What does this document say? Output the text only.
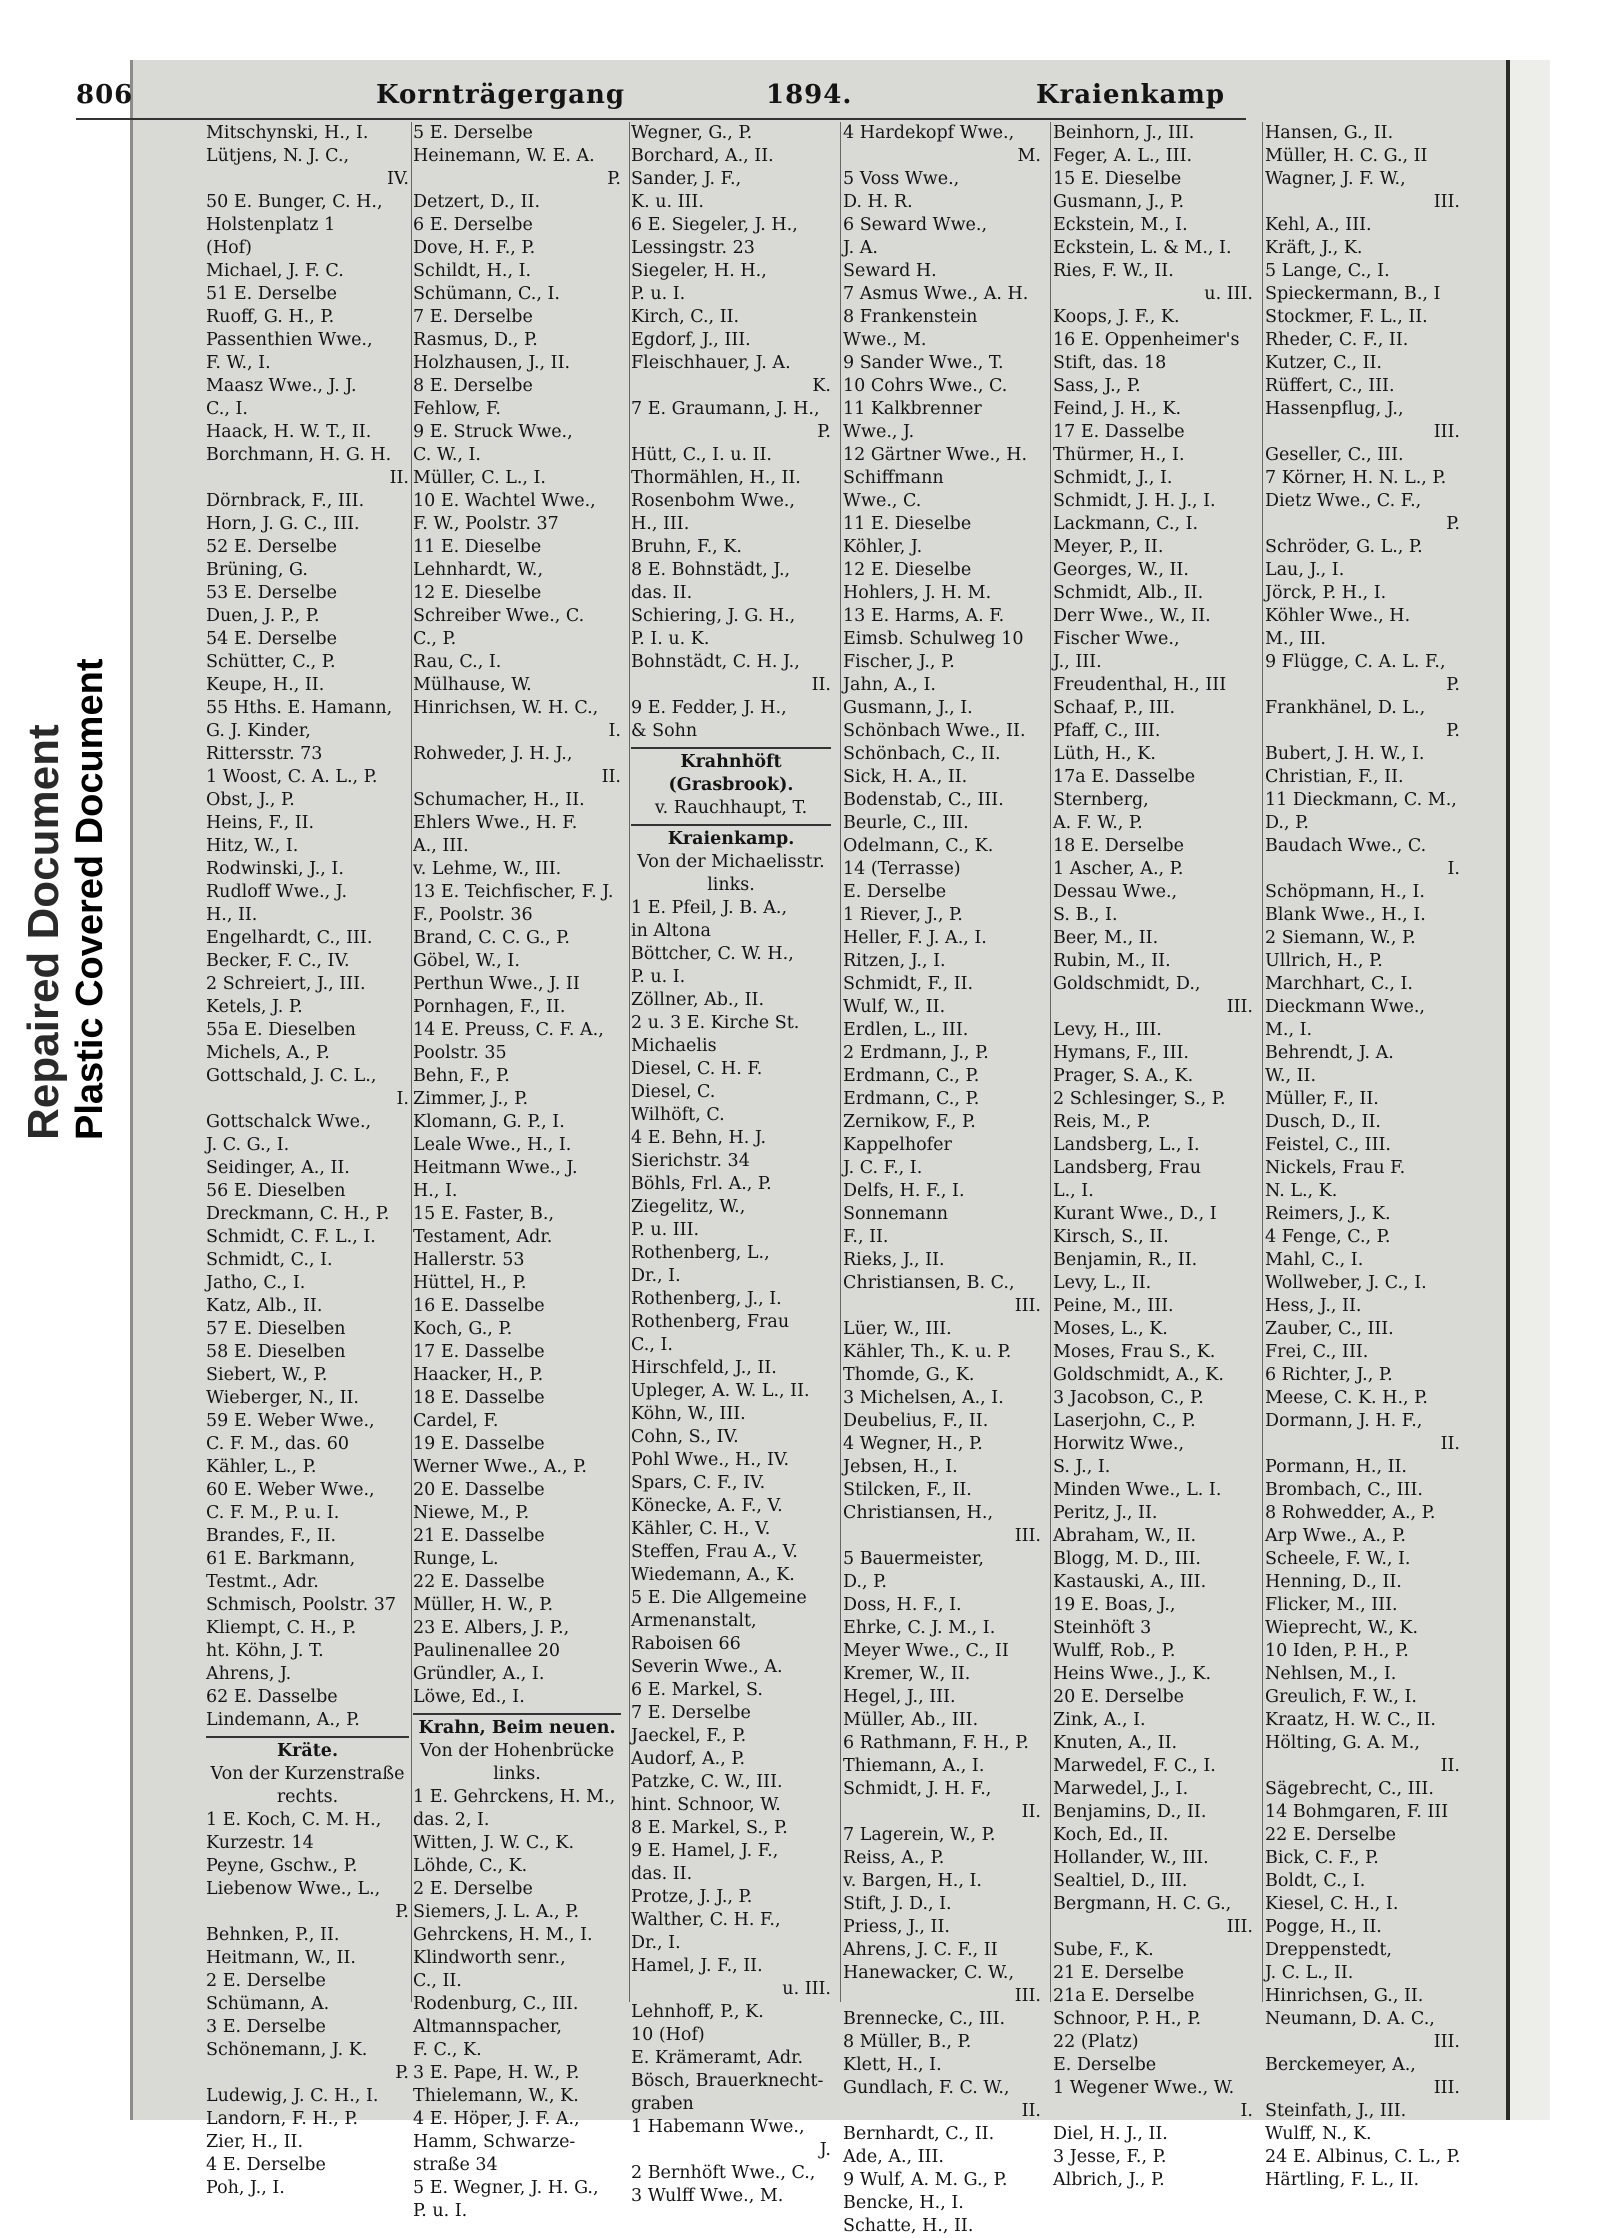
Repaired Document Plastic Covered Document
806	Kornträgergang	1894.	Kraienkamp
Mitschynski, H., I.
Lütjens, N. J. C.,
IV.
50 E. Bunger, C. H.,
Holstenplatz 1
(Hof)
Michael, J. F. C.
51 E. Derselbe
Ruoff, G. H., P.
Passenthien Wwe.,
F. W., I.
Maasz Wwe., J. J.
C., I.
Haack, H. W. T., II.
Borchmann, H. G. H.
II.
Dörnbrack, F., III.
Horn, J. G. C., III.
52 E. Derselbe
Brüning, G.
53 E. Derselbe
Duen, J. P., P.
54 E. Derselbe
Schütter, C., P.
Keupe, H., II.
55 Hths. E. Hamann,
G. J. Kinder,
Rittersstr. 73
1 Woost, C. A. L., P.
Obst, J., P.
Heins, F., II.
Hitz, W., I.
Rodwinski, J., I.
Rudloff Wwe., J.
H., II.
Engelhardt, C., III.
Becker, F. C., IV.
2 Schreiert, J., III.
Ketels, J. P.
55a E. Dieselben
Michels, A., P.
Gottschald, J. C. L.,
I.
Gottschalck Wwe.,
J. C. G., I.
Seidinger, A., II.
56 E. Dieselben
Dreckmann, C. H., P.
Schmidt, C. F. L., I.
Schmidt, C., I.
Jatho, C., I.
Katz, Alb., II.
57 E. Dieselben
58 E. Dieselben
Siebert, W., P.
Wieberger, N., II.
59 E. Weber Wwe.,
C. F. M., das. 60
Kähler, L., P.
60 E. Weber Wwe.,
C. F. M., P. u. I.
Brandes, F., II.
61 E. Barkmann,
Testmt., Adr.
Schmisch, Poolstr. 37
Kliempt, C. H., P.
ht. Köhn, J. T.
Ahrens, J.
62 E. Dasselbe
Lindemann, A., P.
Kräte.
Von der Kurzenstraße
rechts.
1 E. Koch, C. M. H.,
Kurzestr. 14
Peyne, Gschw., P.
Liebenow Wwe., L.,
P.
Behnken, P., II.
Heitmann, W., II.
2 E. Derselbe
Schümann, A.
3 E. Derselbe
Schönemann, J. K.
P.
Ludewig, J. C. H., I.
Landorn, F. H., P.
Zier, H., II.
4 E. Derselbe
Poh, J., I.
5 E. Derselbe
Heinemann, W. E. A.
P.
Detzert, D., II.
6 E. Derselbe
Dove, H. F., P.
Schildt, H., I.
Schümann, C., I.
7 E. Derselbe
Rasmus, D., P.
Holzhausen, J., II.
8 E. Derselbe
Fehlow, F.
9 E. Struck Wwe.,
C. W., I.
Müller, C. L., I.
10 E. Wachtel Wwe.,
F. W., Poolstr. 37
11 E. Dieselbe
Lehnhardt, W.,
12 E. Dieselbe
Schreiber Wwe., C.
C., P.
Rau, C., I.
Mülhause, W.
Hinrichsen, W. H. C.,
I.
Rohweder, J. H. J.,
II.
Schumacher, H., II.
Ehlers Wwe., H. F.
A., III.
v. Lehme, W., III.
13 E. Teichfischer, F. J.
F., Poolstr. 36
Brand, C. C. G., P.
Göbel, W., I.
Perthun Wwe., J. II
Pornhagen, F., II.
14 E. Preuss, C. F. A.,
Poolstr. 35
Behn, F., P.
Zimmer, J., P.
Klomann, G. P., I.
Leale Wwe., H., I.
Heitmann Wwe., J.
H., I.
15 E. Faster, B.,
Testament, Adr.
Hallerstr. 53
Hüttel, H., P.
16 E. Dasselbe
Koch, G., P.
17 E. Dasselbe
Haacker, H., P.
18 E. Dasselbe
Cardel, F.
19 E. Dasselbe
Werner Wwe., A., P.
20 E. Dasselbe
Niewe, M., P.
21 E. Dasselbe
Runge, L.
22 E. Dasselbe
Müller, H. W., P.
23 E. Albers, J. P.,
Paulinenallee 20
Gründler, A., I.
Löwe, Ed., I.
Krahn, Beim neuen.
Von der Hohenbrücke
links.
1 E. Gehrckens, H. M.,
das. 2, I.
Witten, J. W. C., K.
Löhde, C., K.
2 E. Derselbe
Siemers, J. L. A., P.
Gehrckens, H. M., I.
Klindworth senr.,
C., II.
Rodenburg, C., III.
Altmannspacher,
F. C., K.
3 E. Pape, H. W., P.
Thielemann, W., K.
4 E. Höper, J. F. A.,
Hamm, Schwarze-
straße 34
5 E. Wegner, J. H. G.,
P. u. I.
Wegner, G., P.
Borchard, A., II.
Sander, J. F.,
K. u. III.
6 E. Siegeler, J. H.,
Lessingstr. 23
Siegeler, H. H.,
P. u. I.
Kirch, C., II.
Egdorf, J., III.
Fleischhauer, J. A.
K.
7 E. Graumann, J. H.,
P.
Hütt, C., I. u. II.
Thormählen, H., II.
Rosenbohm Wwe.,
H., III.
Bruhn, F., K.
8 E. Bohnstädt, J.,
das. II.
Schiering, J. G. H.,
P. I. u. K.
Bohnstädt, C. H. J.,
II.
9 E. Fedder, J. H.,
& Sohn
Krahnhöft
(Grasbrook).
v. Rauchhaupt, T.
Kraienkamp.
Von der Michaelisstr.
links.
1 E. Pfeil, J. B. A.,
in Altona
Böttcher, C. W. H.,
P. u. I.
Zöllner, Ab., II.
2 u. 3 E. Kirche St.
Michaelis
Diesel, C. H. F.
Diesel, C.
Wilhöft, C.
4 E. Behn, H. J.
Sierichstr. 34
Böhls, Frl. A., P.
Ziegelitz, W.,
P. u. III.
Rothenberg, L.,
Dr., I.
Rothenberg, J., I.
Rothenberg, Frau
C., I.
Hirschfeld, J., II.
Upleger, A. W. L., II.
Köhn, W., III.
Cohn, S., IV.
Pohl Wwe., H., IV.
Spars, C. F., IV.
Könecke, A. F., V.
Kähler, C. H., V.
Steffen, Frau A., V.
Wiedemann, A., K.
5 E. Die Allgemeine
Armenanstalt,
Raboisen 66
Severin Wwe., A.
6 E. Markel, S.
7 E. Derselbe
Jaeckel, F., P.
Audorf, A., P.
Patzke, C. W., III.
hint. Schnoor, W.
8 E. Markel, S., P.
9 E. Hamel, J. F.,
das. II.
Protze, J. J., P.
Walther, C. H. F.,
Dr., I.
Hamel, J. F., II.
u. III.
Lehnhoff, P., K.
10 (Hof)
E. Krämeramt, Adr.
Bösch, Brauerknecht-
graben
1 Habemann Wwe.,
J.
2 Bernhöft Wwe., C.,
3 Wulff Wwe., M.
4 Hardekopf Wwe.,
M.
5 Voss Wwe.,
D. H. R.
6 Seward Wwe.,
J. A.
Seward H.
7 Asmus Wwe., A. H.
8 Frankenstein
Wwe., M.
9 Sander Wwe., T.
10 Cohrs Wwe., C.
11 Kalkbrenner
Wwe., J.
12 Gärtner Wwe., H.
Schiffmann
Wwe., C.
11 E. Dieselbe
Köhler, J.
12 E. Dieselbe
Hohlers, J. H. M.
13 E. Harms, A. F.
Eimsb. Schulweg 10
Fischer, J., P.
Jahn, A., I.
Gusmann, J., I.
Schönbach Wwe., II.
Schönbach, C., II.
Sick, H. A., II.
Bodenstab, C., III.
Beurle, C., III.
Odelmann, C., K.
14 (Terrasse)
E. Derselbe
1 Riever, J., P.
Heller, F. J. A., I.
Ritzen, J., I.
Schmidt, F., II.
Wulf, W., II.
Erdlen, L., III.
2 Erdmann, J., P.
Erdmann, C., P.
Erdmann, C., P.
Zernikow, F., P.
Kappelhofer
J. C. F., I.
Delfs, H. F., I.
Sonnemann
F., II.
Rieks, J., II.
Christiansen, B. C.,
III.
Lüer, W., III.
Kähler, Th., K. u. P.
Thomde, G., K.
3 Michelsen, A., I.
Deubelius, F., II.
4 Wegner, H., P.
Jebsen, H., I.
Stilcken, F., II.
Christiansen, H.,
III.
5 Bauermeister,
D., P.
Doss, H. F., I.
Ehrke, C. J. M., I.
Meyer Wwe., C., II
Kremer, W., II.
Hegel, J., III.
Müller, Ab., III.
6 Rathmann, F. H., P.
Thiemann, A., I.
Schmidt, J. H. F.,
II.
7 Lagerein, W., P.
Reiss, A., P.
v. Bargen, H., I.
Stift, J. D., I.
Priess, J., II.
Ahrens, J. C. F., II
Hanewacker, C. W.,
III.
Brennecke, C., III.
8 Müller, B., P.
Klett, H., I.
Gundlach, F. C. W.,
II.
Bernhardt, C., II.
Ade, A., III.
9 Wulf, A. M. G., P.
Bencke, H., I.
Schatte, H., II.
Beinhorn, J., III.
Feger, A. L., III.
15 E. Dieselbe
Gusmann, J., P.
Eckstein, M., I.
Eckstein, L. & M., I.
Ries, F. W., II.
u. III.
Koops, J. F., K.
16 E. Oppenheimer's
Stift, das. 18
Sass, J., P.
Feind, J. H., K.
17 E. Dasselbe
Thürmer, H., I.
Schmidt, J., I.
Schmidt, J. H. J., I.
Lackmann, C., I.
Meyer, P., II.
Georges, W., II.
Schmidt, Alb., II.
Derr Wwe., W., II.
Fischer Wwe.,
J., III.
Freudenthal, H., III
Schaaf, P., III.
Pfaff, C., III.
Lüth, H., K.
17a E. Dasselbe
Sternberg,
A. F. W., P.
18 E. Derselbe
1 Ascher, A., P.
Dessau Wwe.,
S. B., I.
Beer, M., II.
Rubin, M., II.
Goldschmidt, D.,
III.
Levy, H., III.
Hymans, F., III.
Prager, S. A., K.
2 Schlesinger, S., P.
Reis, M., P.
Landsberg, L., I.
Landsberg, Frau
L., I.
Kurant Wwe., D., I
Kirsch, S., II.
Benjamin, R., II.
Levy, L., II.
Peine, M., III.
Moses, L., K.
Moses, Frau S., K.
Goldschmidt, A., K.
3 Jacobson, C., P.
Laserjohn, C., P.
Horwitz Wwe.,
S. J., I.
Minden Wwe., L. I.
Peritz, J., II.
Abraham, W., II.
Blogg, M. D., III.
Kastauski, A., III.
19 E. Boas, J.,
Steinhöft 3
Wulff, Rob., P.
Heins Wwe., J., K.
20 E. Derselbe
Zink, A., I.
Knuten, A., II.
Marwedel, F. C., I.
Marwedel, J., I.
Benjamins, D., II.
Koch, Ed., II.
Hollander, W., III.
Sealtiel, D., III.
Bergmann, H. C. G.,
III.
Sube, F., K.
21 E. Derselbe
21a E. Derselbe
Schnoor, P. H., P.
22 (Platz)
E. Derselbe
1 Wegener Wwe., W.
I.
Diel, H. J., II.
3 Jesse, F., P.
Albrich, J., P.
Hansen, G., II.
Müller, H. C. G., II
Wagner, J. F. W.,
III.
Kehl, A., III.
Kräft, J., K.
5 Lange, C., I.
Spieckermann, B., I
Stockmer, F. L., II.
Rheder, C. F., II.
Kutzer, C., II.
Rüffert, C., III.
Hassenpflug, J.,
III.
Geseller, C., III.
7 Körner, H. N. L., P.
Dietz Wwe., C. F.,
P.
Schröder, G. L., P.
Lau, J., I.
Jörck, P. H., I.
Köhler Wwe., H.
M., III.
9 Flügge, C. A. L. F.,
P.
Frankhänel, D. L.,
P.
Bubert, J. H. W., I.
Christian, F., II.
11 Dieckmann, C. M.,
D., P.
Baudach Wwe., C.
I.
Schöpmann, H., I.
Blank Wwe., H., I.
2 Siemann, W., P.
Ullrich, H., P.
Marchhart, C., I.
Dieckmann Wwe.,
M., I.
Behrendt, J. A.
W., II.
Müller, F., II.
Dusch, D., II.
Feistel, C., III.
Nickels, Frau F.
N. L., K.
Reimers, J., K.
4 Fenge, C., P.
Mahl, C., I.
Wollweber, J. C., I.
Hess, J., II.
Zauber, C., III.
Frei, C., III.
6 Richter, J., P.
Meese, C. K. H., P.
Dormann, J. H. F.,
II.
Pormann, H., II.
Brombach, C., III.
8 Rohwedder, A., P.
Arp Wwe., A., P.
Scheele, F. W., I.
Henning, D., II.
Flicker, M., III.
Wieprecht, W., K.
10 Iden, P. H., P.
Nehlsen, M., I.
Greulich, F. W., I.
Kraatz, H. W. C., II.
Hölting, G. A. M.,
II.
Sägebrecht, C., III.
14 Bohmgaren, F. III
22 E. Derselbe
Bick, C. F., P.
Boldt, C., I.
Kiesel, C. H., I.
Pogge, H., II.
Dreppenstedt,
J. C. L., II.
Hinrichsen, G., II.
Neumann, D. A. C.,
III.
Berckemeyer, A.,
III.
Steinfath, J., III.
Wulff, N., K.
24 E. Albinus, C. L., P.
Härtling, F. L., II.
